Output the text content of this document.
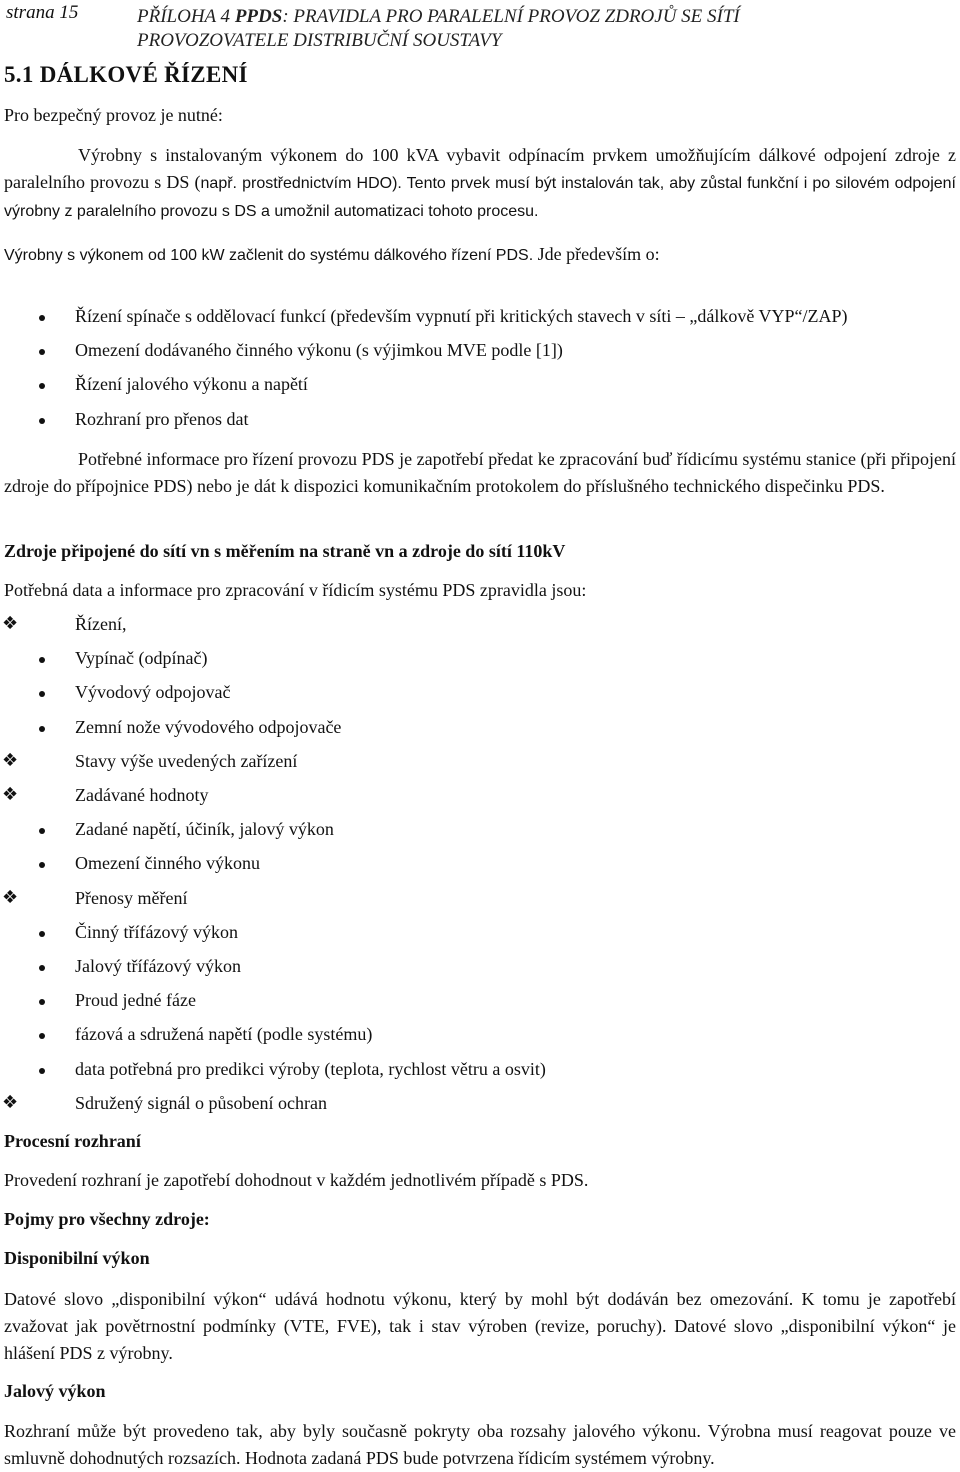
strana 15	PŘÍLOHA 4 PPDS: PRAVIDLA PRO PARALELNÍ PROVOZ ZDROJŮ SE SÍTÍ
PROVOZOVATELE DISTRIBUČNÍ SOUSTAVY
5.1 DÁLKOVÉ ŘÍZENÍ
Pro bezpečný provoz je nutné:
Výrobny s instalovaným výkonem do 100 kVA vybavit odpínacím prvkem umožňujícím dálkové odpojení zdroje z paralelního provozu s DS (např. prostřednictvím HDO). Tento prvek musí být instalován tak, aby zůstal funkční i po silovém odpojení výrobny z paralelního provozu s DS a umožnil automatizaci tohoto procesu.
Výrobny s výkonem od 100 kW začlenit do systému dálkového řízení PDS. Jde především o:
Řízení spínače s oddělovací funkcí (především vypnutí při kritických stavech v síti – „dálkově VYP“/ZAP)
Omezení dodávaného činného výkonu (s výjimkou MVE podle [1])
Řízení jalového výkonu a napětí
Rozhraní pro přenos dat
Potřebné informace pro řízení provozu PDS je zapotřebí předat ke zpracování buď řídicímu systému stanice (při připojení zdroje do přípojnice PDS) nebo je dát k dispozici komunikačním protokolem do příslušného technického dispečinku PDS.
Zdroje připojené do sítí vn s měřením na straně vn a zdroje do sítí 110kV
Potřebná data a informace pro zpracování v řídicím systému PDS zpravidla jsou:
❖	Řízení,
Vypínač (odpínač)
Vývodový odpojovač
Zemní nože vývodového odpojovače
❖	Stavy výše uvedených zařízení
❖	Zadávané hodnoty
Zadané napětí, účiník, jalový výkon
Omezení činného výkonu
❖	Přenosy měření
Činný třífázový výkon
Jalový třífázový výkon
Proud jedné fáze
fázová a sdružená napětí (podle systému)
data potřebná pro predikci výroby (teplota, rychlost větru a osvit)
❖	Sdružený signál o působení ochran
Procesní rozhraní
Provedení rozhraní je zapotřebí dohodnout v každém jednotlivém případě s PDS.
Pojmy pro všechny zdroje:
Disponibilní výkon
Datové slovo „disponibilní výkon“ udává hodnotu výkonu, který by mohl být dodáván bez omezování. K tomu je zapotřebí zvažovat jak povětrnostní podmínky (VTE, FVE), tak i stav výroben (revize, poruchy). Datové slovo „disponibilní výkon“ je hlášení PDS z výrobny.
Jalový výkon
Rozhraní může být provedeno tak, aby byly současně pokryty oba rozsahy jalového výkonu. Výrobna musí reagovat pouze ve smluvně dohodnutých rozsazích. Hodnota zadaná PDS bude potvrzena řídicím systémem výrobny.
